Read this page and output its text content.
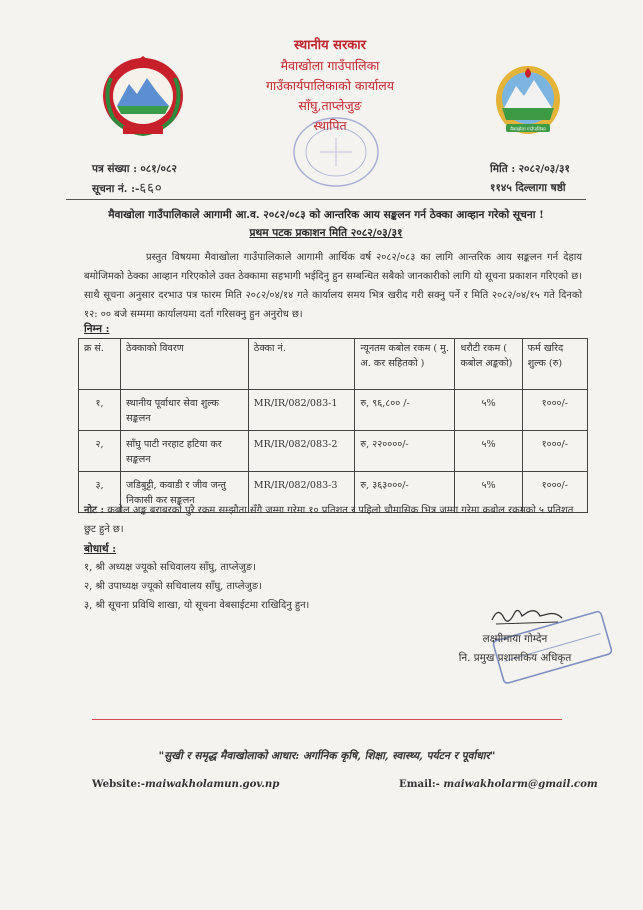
मैवाखोला गाउँपालिका
स्थानीय सरकार
मैवाखोला गाउँपालिका
गाउँकार्यपालिकाको कार्यालय
साँघु,ताप्लेजुङ
स्थापित
पत्र संख्या : ०८१/०८२
सूचना नं. :-६६०
मिति : २०८२/०३/३१
११४५ दिल्लागा षष्ठी
मैवाखोला गाउँपालिकाले आगामी आ.व. २०८२/०८३ को आन्तरिक आय सङ्कलन गर्न ठेक्का आव्हान गरेको सूचना !
प्रथम पटक प्रकाशन मिति २०८२/०३/३१
प्रस्तुत विषयमा मैवाखोला गाउँपालिकाले आगामी आर्थिक वर्ष २०८२/०८३ का लागि आन्तरिक आय सङ्कलन गर्न देहाय बमोजिमको ठेक्का आव्हान गरिएकोले उक्त ठेक्कामा सहभागी भईदिनु हुन सम्बन्धित सबैको जानकारीको लागि यो सूचना प्रकाशन गरिएको छ। साथै सूचना अनुसार दरभाउ पत्र फारम मिति २०८२/०४/१४ गते कार्यालय समय भित्र खरीद गरी सक्नु पर्ने र मिति २०८२/०४/१५ गते दिनको १२: ०० बजे सम्ममा कार्यालयमा दर्ता गरिसक्नु हुन अनुरोध छ।
निम्न :
क्र सं.	ठेक्काको विवरण	ठेक्का नं.	न्यूनतम कबोल रकम ( मु. अ. कर सहितको )	धरौटी रकम ( कबोल अङ्कको)	फर्म खरिद शुल्क (रु)
१,	स्थानीय पूर्वाधार सेवा शुल्क सङ्कलन	MR/IR/082/083-1	रु, ९६,८०० /-	५%	१०००/-
२,	साँघु पाटी नरहाट हटिया कर सङ्कलन	MR/IR/082/083-2	रु, २२००००/-	५%	१०००/-
३,	जडिबुट्टी, कवाडी र जीव जन्तु निकासी कर सङ्कलन	MR/IR/082/083-3	रु, ३६३०००/-	५%	१०००/-
नोट : कबोल अङ्क बराबरको पुरै रकम सम्झौता सँगै जम्मा गरेमा १० प्रतिशत र पहिलो चौमासिक भित्र जम्मा गरेमा कबोल रकमको ५ प्रतिशत छुट हुने छ।
बोधार्थ :
१, श्री अध्यक्ष ज्यूको सचिवालय साँघु, ताप्लेजुङ।
२, श्री उपाध्यक्ष ज्यूको सचिवालय साँघु, ताप्लेजुङ।
३, श्री सूचना प्रविधि शाखा, यो सूचना वेबसाईटमा राखिदिनु हुन।
लक्ष्मीमाया गोम्देन
नि. प्रमुख प्रशासकिय अधिकृत
"सुखी र समृद्ध मैवाखोलाको आधार: अर्गानिक कृषि, शिक्षा, स्वास्थ्य, पर्यटन र पूर्वाधार"
Website:-maiwakholamun.gov.np	Email:- maiwakholarm@gmail.com
